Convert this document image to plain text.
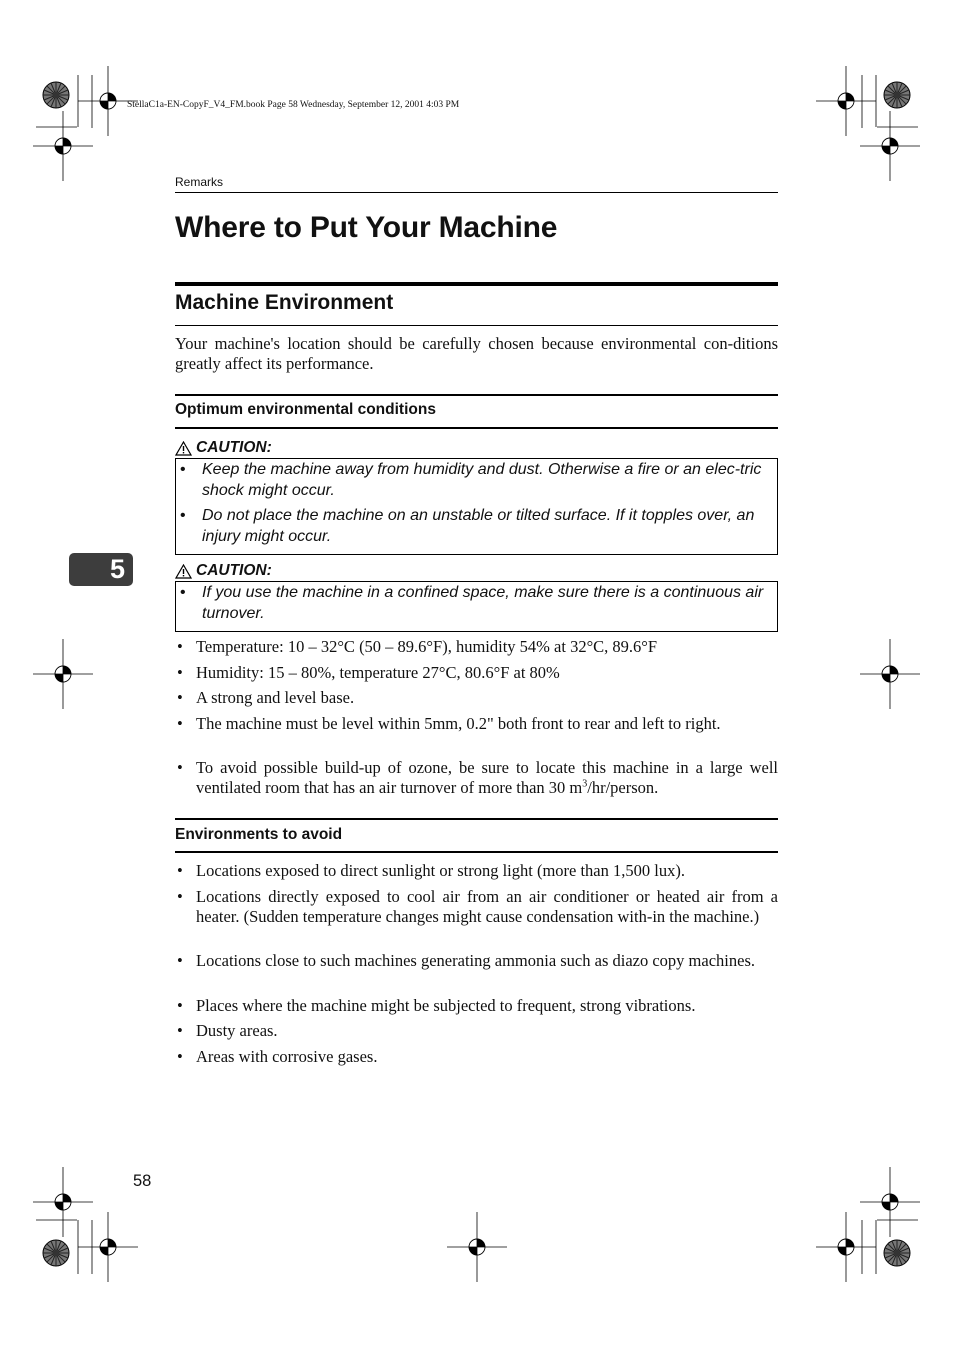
StellaC1a-EN-CopyF_V4_FM.book Page 58 Wednesday, September 12, 2001 4:03 PM
Remarks
Where to Put Your Machine
Machine Environment

Your machine's location should be carefully chosen because environmental con-ditions greatly affect its performance.

Optimum environmental conditions
CAUTION:
• Keep the machine away from humidity and dust. Otherwise a fire or an elec-tric shock might occur.
• Do not place the machine on an unstable or tilted surface. If it topples over, an injury might occur.
CAUTION:
• If you use the machine in a confined space, make sure there is a continuous air turnover.
• Temperature: 10 – 32°C (50 – 89.6°F), humidity 54% at 32°C, 89.6°F
• Humidity: 15 – 80%, temperature 27°C, 80.6°F at 80%
• A strong and level base.
• The machine must be level within 5mm, 0.2" both front to rear and left to right.
• To avoid possible build-up of ozone, be sure to locate this machine in a large well ventilated room that has an air turnover of more than 30 $m^3/hr$/person.
Environments to avoid
• Locations exposed to direct sunlight or strong light (more than 1,500 lux).
• Locations directly exposed to cool air from an air conditioner or heated air from a heater. (Sudden temperature changes might cause condensation with-in the machine.)
• Locations close to such machines generating ammonia such as diazo copy machines.
• Places where the machine might be subjected to frequent, strong vibrations.
• Dusty areas.
• Areas with corrosive gases.
5
58
